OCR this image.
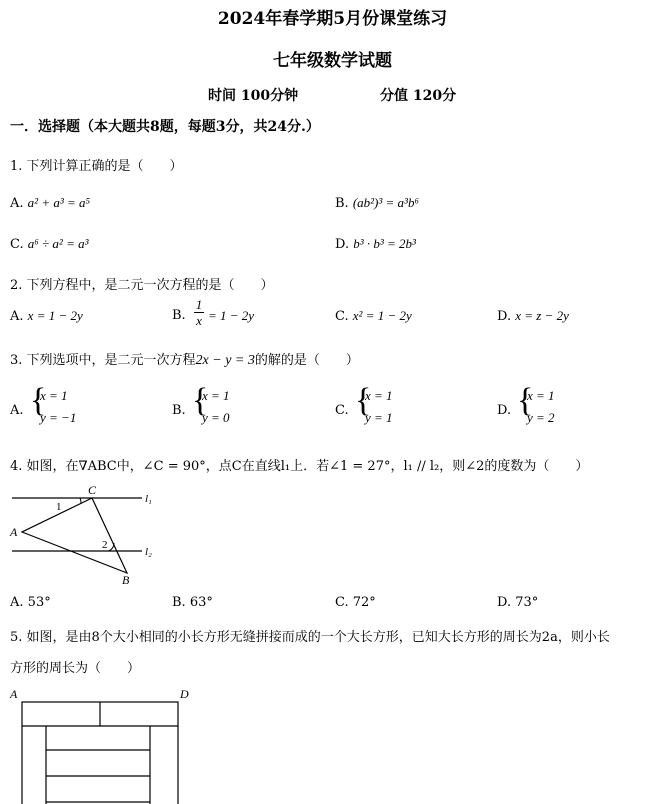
2024年春学期5月份课堂练习
七年级数学试题
时间 100分钟	分值 120分
一．选择题（本大题共8题，每题3分，共24分.）
1. 下列计算正确的是（　　）
A. a² + a³ = a⁵	B. (ab²)³ = a³b⁶
C. a⁶ ÷ a² = a³	D. b³ · b³ = 2b³
2. 下列方程中，是二元一次方程的是（　　）
A. x = 1 − 2y	B.
1
x = 1 − 2y	C. x² = 1 − 2y	D. x = z − 2y
3. 下列选项中，是二元一次方程2x − y = 3的解的是（　　）
A. {
x = 1
y = −1	B. {
x = 1
y = 0	C. {
x = 1
y = 1	D. {
x = 1
y = 2
4. 如图，在∇ABC中，∠C = 90°，点C在直线l₁上．若∠1 = 27°，l₁ // l₂，则∠2的度数为（　　）
C
A
B
1
2
l₁
l₂
A. 53°	B. 63°	C. 72°	D. 73°
5. 如图，是由8个大小相同的小长方形无缝拼接而成的一个大长方形，已知大长方形的周长为2a，则小长
方形的周长为（　　）
A	D
